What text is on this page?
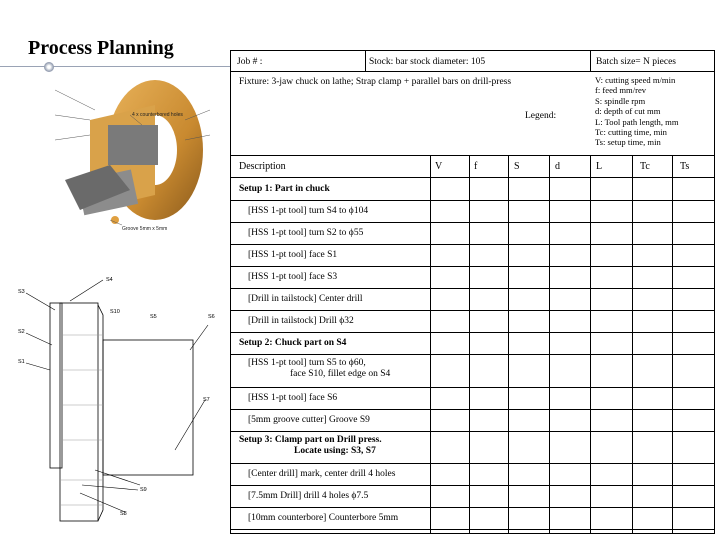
Process Planning
4 x counterbored holes
Groove 5mm x 5mm
S4
S3
S10
S5	S6
S2
S1
S7
S9
S8
Job # :	Stock: bar stock diameter: 105	Batch size= N pieces
Fixture: 3-jaw chuck on lathe; Strap clamp + parallel bars on drill-press
Legend:
V: cutting speed m/min
f: feed mm/rev
S: spindle rpm
d: depth of cut mm
L: Tool path length, mm
Tc: cutting time, min
Ts: setup time, min
Description	V	f	S	d	L	Tc	Ts
Setup 1: Part in chuck
[HSS 1-pt tool] turn S4 to ϕ104
[HSS 1-pt tool] turn S2 to ϕ55
[HSS 1-pt tool] face S1
[HSS 1-pt tool] face S3
[Drill in tailstock] Center drill
[Drill in tailstock] Drill ϕ32
Setup 2: Chuck part on S4
[HSS 1-pt tool] turn S5 to ϕ60,
face S10, fillet edge on S4
[HSS 1-pt tool] face S6
[5mm groove cutter] Groove S9
Setup 3: Clamp part on Drill press.
Locate using: S3, S7
[Center drill] mark, center drill 4 holes
[7.5mm Drill] drill 4 holes ϕ7.5
[10mm counterbore] Counterbore 5mm
